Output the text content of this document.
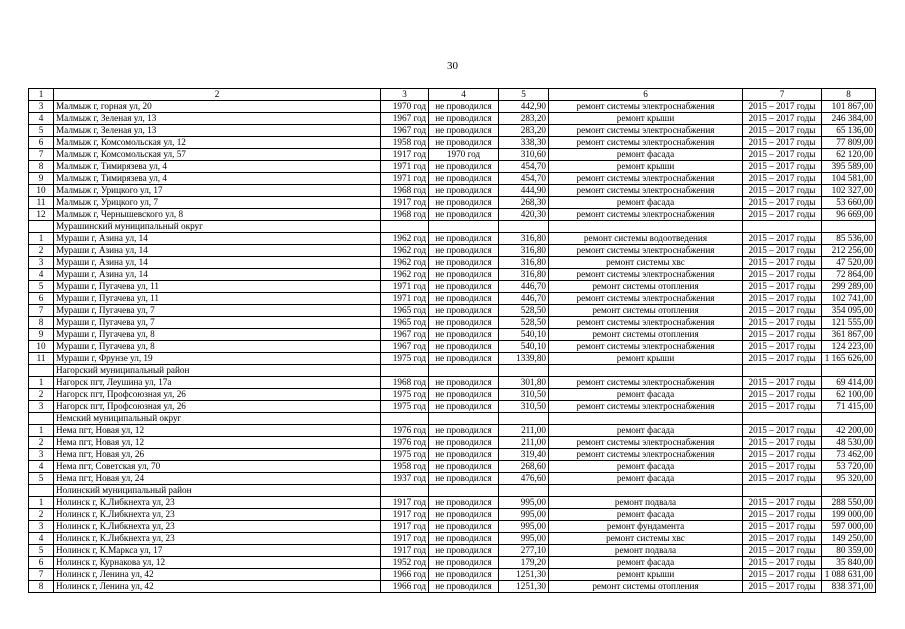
30
1	2	3	4	5	6	7	8
3	Малмыж г, горная ул, 20	1970 год	не проводился	442,90	ремонт системы электроснабжения	2015 – 2017 годы	101 867,00
4	Малмыж г, Зеленая ул, 13	1967 год	не проводился	283,20	ремонт крыши	2015 – 2017 годы	246 384,00
5	Малмыж г, Зеленая ул, 13	1967 год	не проводился	283,20	ремонт системы электроснабжения	2015 – 2017 годы	65 136,00
6	Малмыж г, Комсомольская ул, 12	1958 год	не проводился	338,30	ремонт системы электроснабжения	2015 – 2017 годы	77 809,00
7	Малмыж г, Комсомольская ул, 57	1917 год	1970 год	310,60	ремонт фасада	2015 – 2017 годы	62 120,00
8	Малмыж г, Тимирязева ул, 4	1971 год	не проводился	454,70	ремонт крыши	2015 – 2017 годы	395 589,00
9	Малмыж г, Тимирязева ул, 4	1971 год	не проводился	454,70	ремонт системы электроснабжения	2015 – 2017 годы	104 581,00
10	Малмыж г, Урицкого ул, 17	1968 год	не проводился	444,90	ремонт системы электроснабжения	2015 – 2017 годы	102 327,00
11	Малмыж г, Урицкого ул, 7	1917 год	не проводился	268,30	ремонт фасада	2015 – 2017 годы	53 660,00
12	Малмыж г, Чернышевского ул, 8	1968 год	не проводился	420,30	ремонт системы электроснабжения	2015 – 2017 годы	96 669,00
	Мурашинский муниципальный округ						
1	Мураши г, Азина ул, 14	1962 год	не проводился	316,80	ремонт системы водоотведения	2015 – 2017 годы	85 536,00
2	Мураши г, Азина ул, 14	1962 год	не проводился	316,80	ремонт системы электроснабжения	2015 – 2017 годы	212 256,00
3	Мураши г, Азина ул, 14	1962 год	не проводился	316,80	ремонт системы хвс	2015 – 2017 годы	47 520,00
4	Мураши г, Азина ул, 14	1962 год	не проводился	316,80	ремонт системы электроснабжения	2015 – 2017 годы	72 864,00
5	Мураши г, Пугачева ул, 11	1971 год	не проводился	446,70	ремонт системы отопления	2015 – 2017 годы	299 289,00
6	Мураши г, Пугачева ул, 11	1971 год	не проводился	446,70	ремонт системы электроснабжения	2015 – 2017 годы	102 741,00
7	Мураши г, Пугачева ул, 7	1965 год	не проводился	528,50	ремонт системы отопления	2015 – 2017 годы	354 095,00
8	Мураши г, Пугачева ул, 7	1965 год	не проводился	528,50	ремонт системы электроснабжения	2015 – 2017 годы	121 555,00
9	Мураши г, Пугачева ул, 8	1967 год	не проводился	540,10	ремонт системы отопления	2015 – 2017 годы	361 867,00
10	Мураши г, Пугачева ул, 8	1967 год	не проводился	540,10	ремонт системы электроснабжения	2015 – 2017 годы	124 223,00
11	Мураши г, Фрунзе ул, 19	1975 год	не проводился	1339,80	ремонт крыши	2015 – 2017 годы	1 165 626,00
	Нагорский муниципальный район						
1	Нагорск пгт, Леушина ул, 17а	1968 год	не проводился	301,80	ремонт системы электроснабжения	2015 – 2017 годы	69 414,00
2	Нагорск пгт, Профсоюзная ул, 26	1975 год	не проводился	310,50	ремонт фасада	2015 – 2017 годы	62 100,00
3	Нагорск пгт, Профсоюзная ул, 26	1975 год	не проводился	310,50	ремонт системы электроснабжения	2015 – 2017 годы	71 415,00
	Немский муниципальный округ						
1	Нема пгт, Новая ул, 12	1976 год	не проводился	211,00	ремонт фасада	2015 – 2017 годы	42 200,00
2	Нема пгт, Новая ул, 12	1976 год	не проводился	211,00	ремонт системы электроснабжения	2015 – 2017 годы	48 530,00
3	Нема пгт, Новая ул, 26	1975 год	не проводился	319,40	ремонт системы электроснабжения	2015 – 2017 годы	73 462,00
4	Нема пгт, Советская ул, 70	1958 год	не проводился	268,60	ремонт фасада	2015 – 2017 годы	53 720,00
5	Нема пгт, Новая ул, 24	1937 год	не проводился	476,60	ремонт фасада	2015 – 2017 годы	95 320,00
	Нолинский муниципальный район						
1	Нолинск г, К.Либкнехта ул, 23	1917 год	не проводился	995,00	ремонт подвала	2015 – 2017 годы	288 550,00
2	Нолинск г, К.Либкнехта ул, 23	1917 год	не проводился	995,00	ремонт фасада	2015 – 2017 годы	199 000,00
3	Нолинск г, К.Либкнехта ул, 23	1917 год	не проводился	995,00	ремонт фундамента	2015 – 2017 годы	597 000,00
4	Нолинск г, К.Либкнехта ул, 23	1917 год	не проводился	995,00	ремонт системы хвс	2015 – 2017 годы	149 250,00
5	Нолинск г, К.Маркса ул, 17	1917 год	не проводился	277,10	ремонт подвала	2015 – 2017 годы	80 359,00
6	Нолинск г, Курнакова ул, 12	1952 год	не проводился	179,20	ремонт фасада	2015 – 2017 годы	35 840,00
7	Нолинск г, Ленина ул, 42	1966 год	не проводился	1251,30	ремонт крыши	2015 – 2017 годы	1 088 631,00
8	Нолинск г, Ленина ул, 42	1966 год	не проводился	1251,30	ремонт системы отопления	2015 – 2017 годы	838 371,00
